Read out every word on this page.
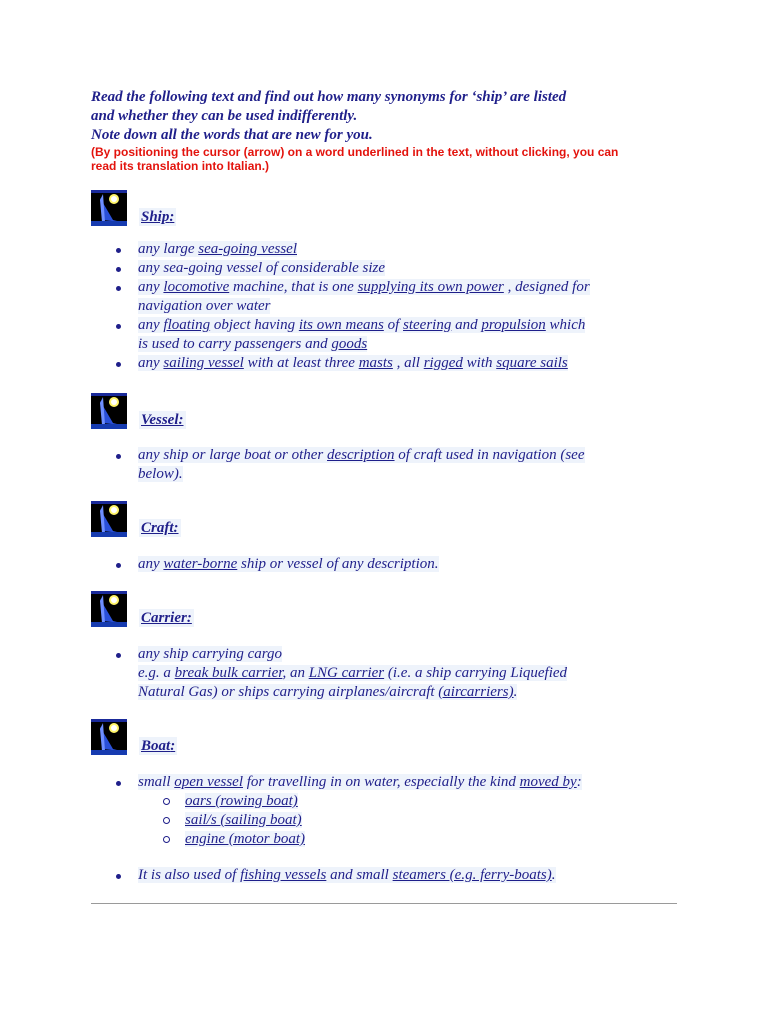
Read the following text and find out how many synonyms for ‘ship’ are listed
and whether they can be used indifferently.
Note down all the words that are new for you.
(By positioning the cursor (arrow) on a word underlined in the text, without clicking, you can
read its translation into Italian.)
Ship:
any large sea-going vessel
any sea-going vessel of considerable size
any locomotive machine, that is one supplying its own power , designed for
navigation over water
any floating object having its own means of steering and propulsion which
is used to carry passengers and goods
any sailing vessel with at least three masts , all rigged with square sails
Vessel:
any ship or large boat or other description of craft used in navigation (see
below).
Craft:
any water-borne ship or vessel of any description.
Carrier:
any ship carrying cargo
e.g. a break bulk carrier, an LNG carrier (i.e. a ship carrying Liquefied
Natural Gas) or ships carrying airplanes/aircraft (aircarriers).
Boat:
small open vessel for travelling in on water, especially the kind moved by:
oars (rowing boat)
sail/s (sailing boat)
engine (motor boat)
It is also used of fishing vessels and small steamers (e.g. ferry-boats).
